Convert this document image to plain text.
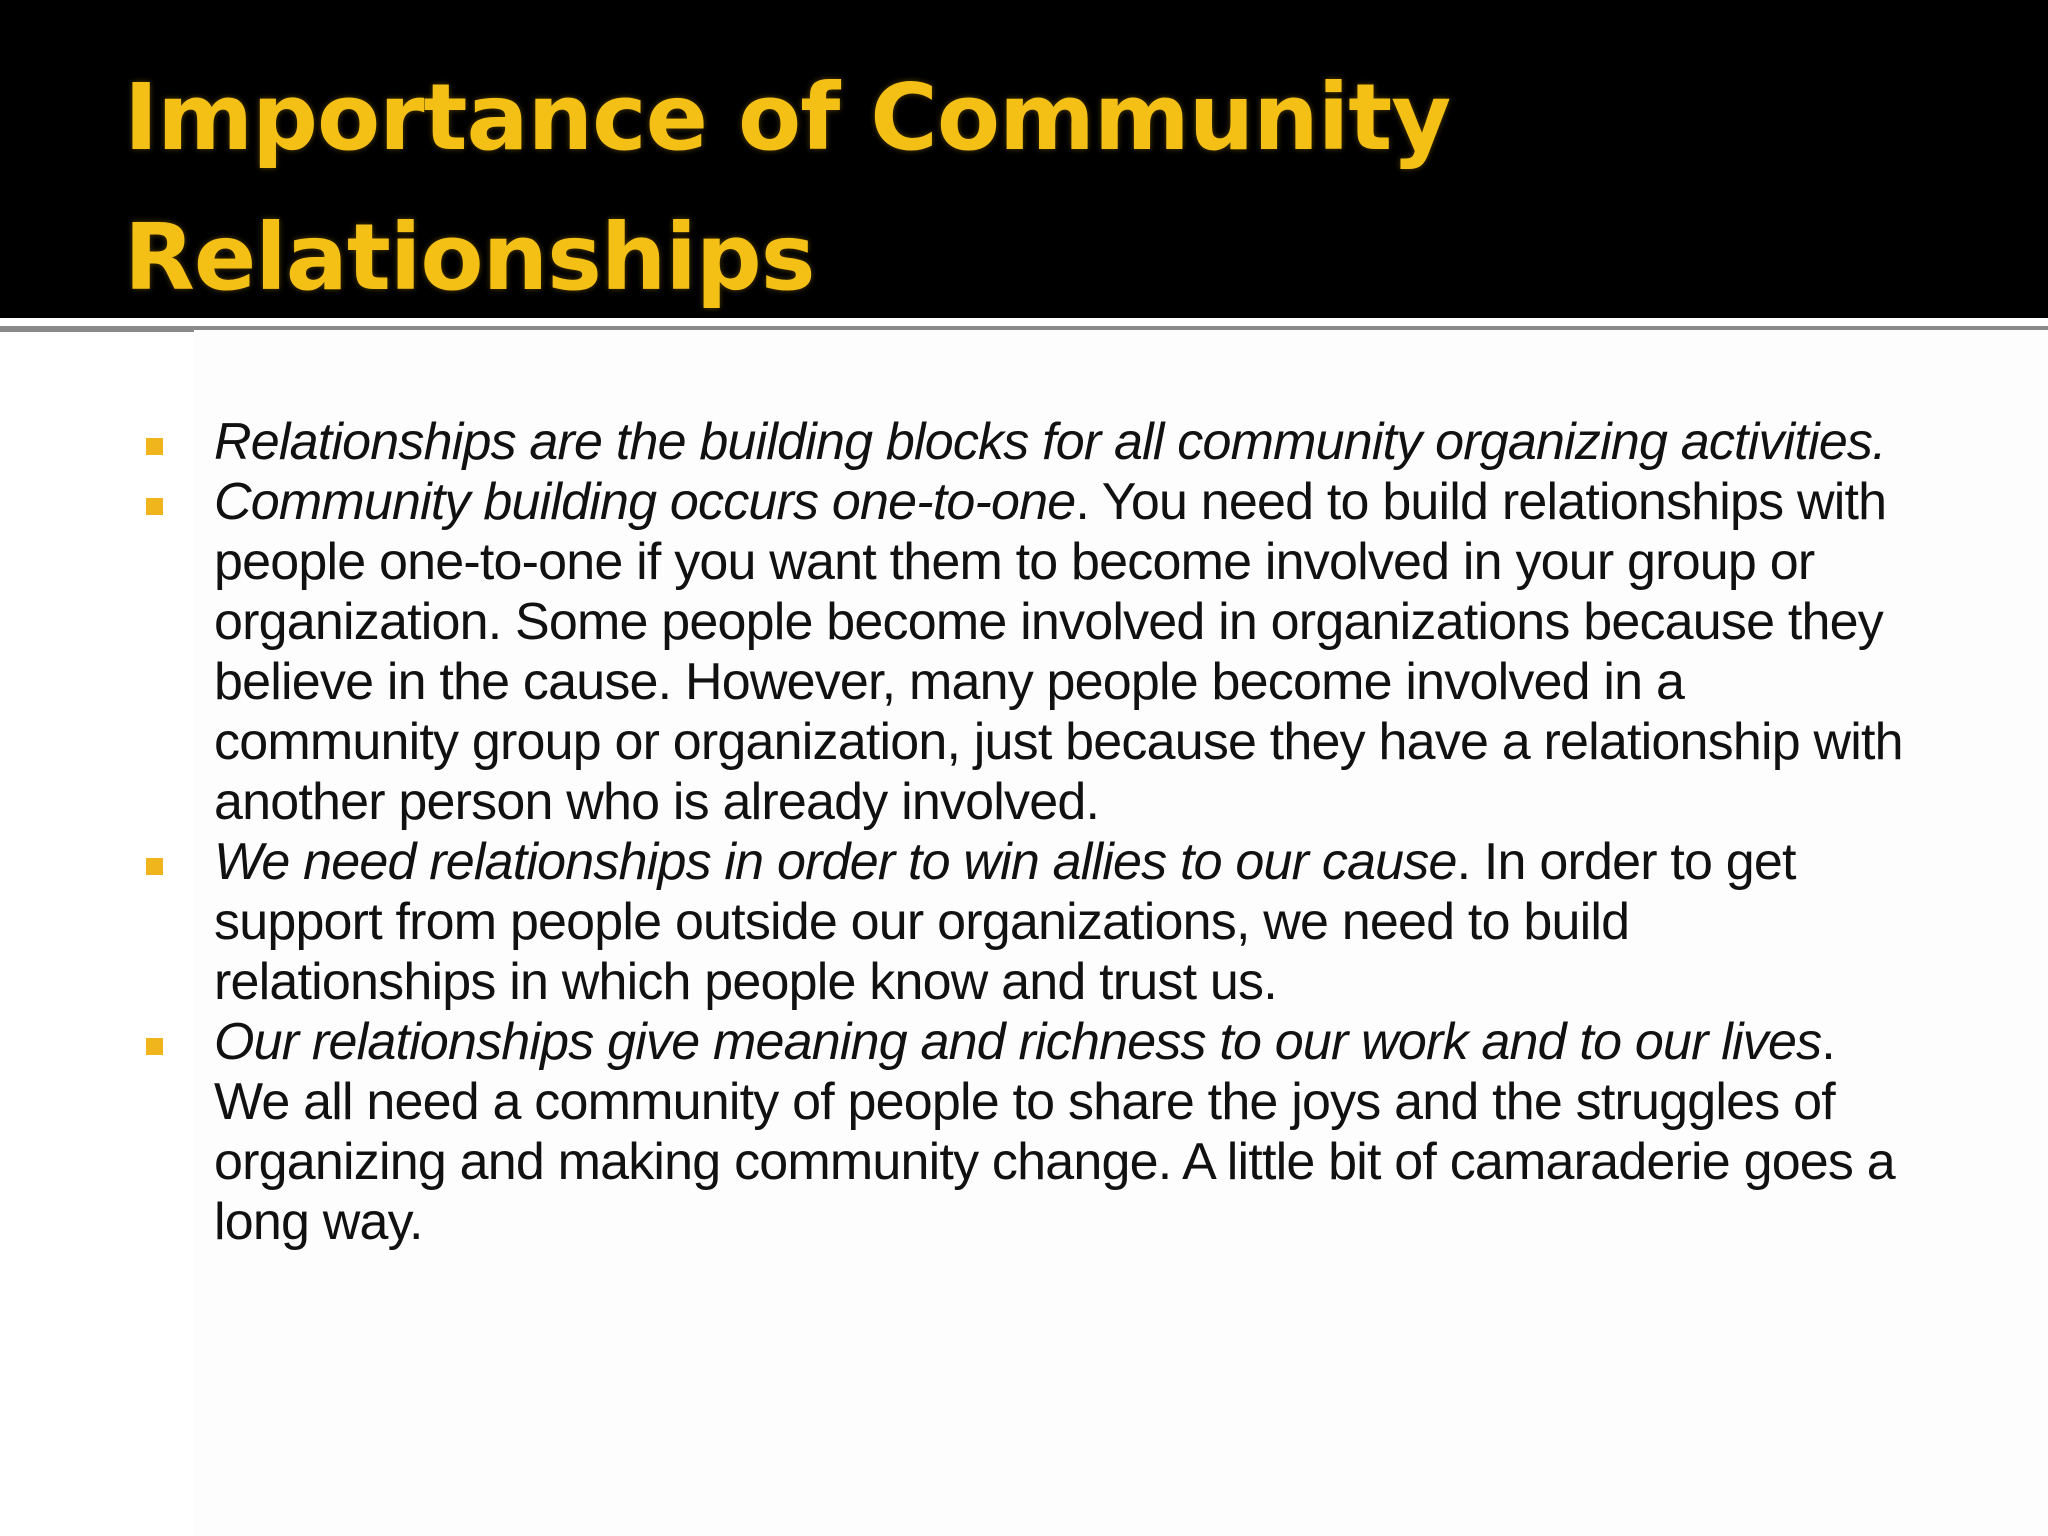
Importance of Community
Relationships
Relationships are the building blocks for all community organizing activities.
Community building occurs one-to-one. You need to build relationships with people one-to-one if you want them to become involved in your group or organization. Some people become involved in organizations because they believe in the cause. However, many people become involved in a community group or organization, just because they have a relationship with another person who is already involved.
We need relationships in order to win allies to our cause. In order to get support from people outside our organizations, we need to build relationships in which people know and trust us.
Our relationships give meaning and richness to our work and to our lives. We all need a community of people to share the joys and the struggles of organizing and making community change. A little bit of camaraderie goes a long way.
